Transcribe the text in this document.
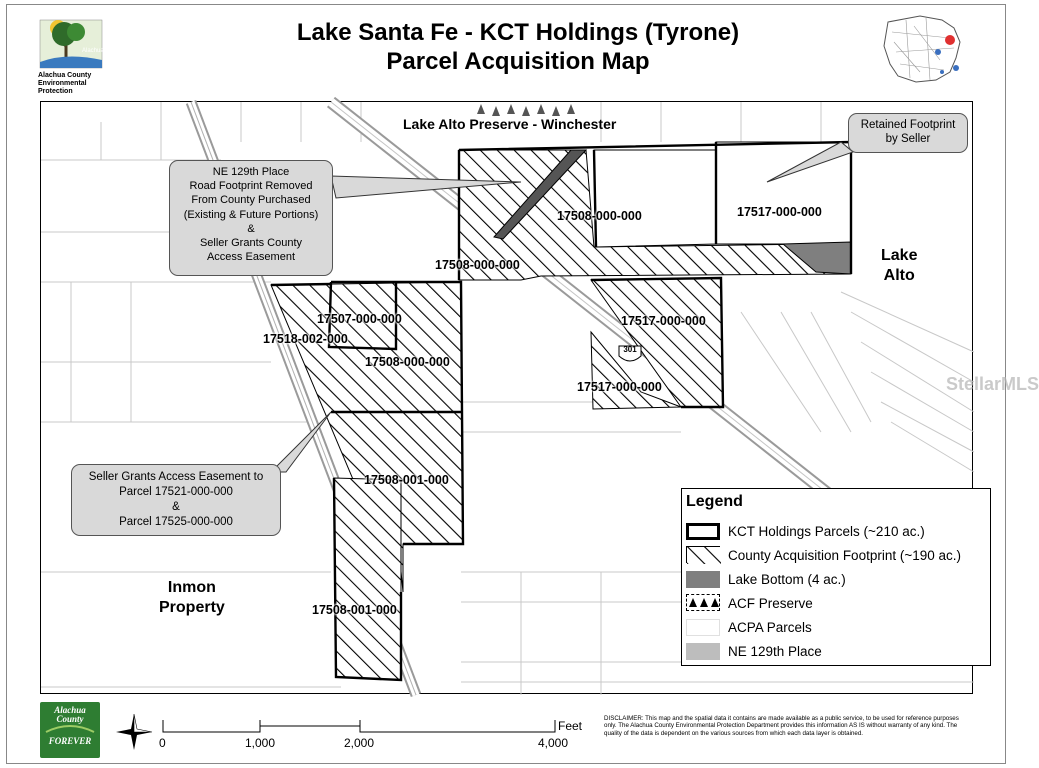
Alachua
Alachua County
Environmental
Protection
Lake Santa Fe - KCT Holdings (Tyrone)
Parcel Acquisition Map
301
Lake Alto Preserve - Winchester
Lake
Alto
Inmon
Property
17508-000-000	17517-000-000
17508-000-000
17507-000-000
17518-002-000
17508-000-000
17517-000-000
17517-000-000
17508-001-000
17508-001-000
NE 129th Place
Road Footprint Removed
From County Purchased
(Existing & Future Portions)
&
Seller Grants County
Access Easement
Retained Footprint
by Seller
Seller Grants Access Easement to
Parcel 17521-000-000
&
Parcel 17525-000-000
StellarMLS
Legend
KCT Holdings Parcels (~210 ac.)
County Acquisition Footprint (~190 ac.)
Lake Bottom (4 ac.)
ACF Preserve
ACPA Parcels
NE 129th Place
Alachua
County
FOREVER	0	1,000	2,000	4,000
Feet
DISCLAIMER: This map and the spatial data it contains are made available as a public service, to be used for reference purposes only. The Alachua County Environmental Protection Department provides this information AS IS without warranty of any kind. The quality of the data is dependent on the various sources from which each data layer is obtained.
